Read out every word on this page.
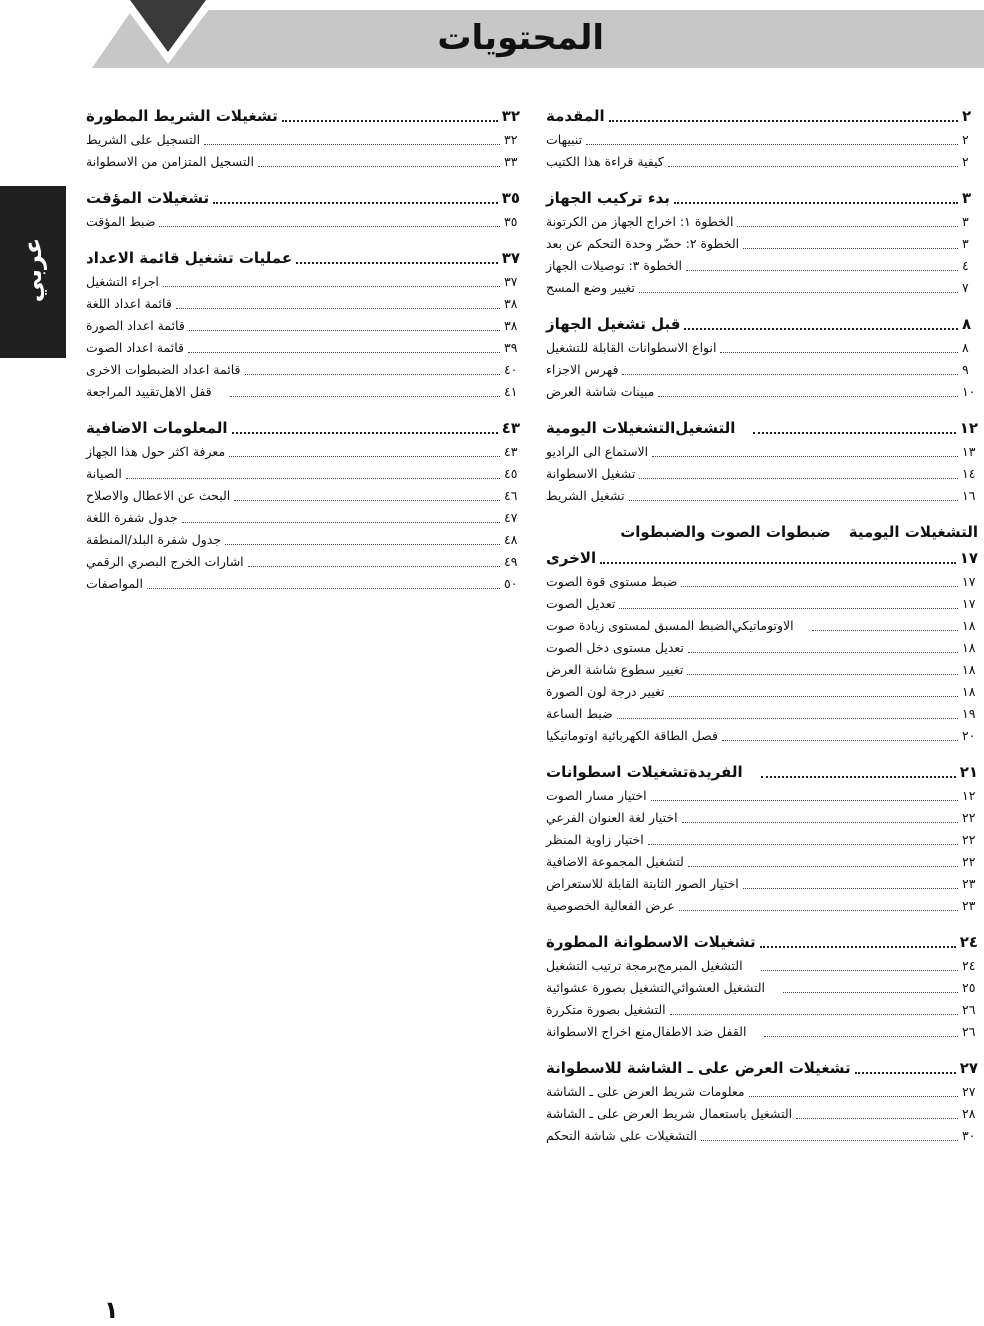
المحتويات
عربي
المقدمة	٢
تنبيهات	٢
كيفية قراءة هذا الكتيب	٢
بدء تركيب الجهاز	٣
الخطوة ١: اخراج الجهاز من الكرتونة	٣
الخطوة ٢: حضّر وحدة التحكم عن بعد	٣
الخطوة ٣: توصيلات الجهاز	٤
تغيير وضع المسح	٧
قبل تشغيل الجهاز	٨
انواع الاسطوانات القابلة للتشغيل	٨
فهرس الاجزاء	٩
مبينات شاشة العرض	١٠
التشغيلات اليومية التشغيل	١٢
الاستماع الى الراديو	١٣
تشغيل الاسطوانة	١٤
تشغيل الشريط	١٦
التشغيلات اليوميةضبطوات الصوت والضبطوات
الاخرى	١٧
ضبط مستوى قوة الصوت	١٧
تعديل الصوت	١٧
الضبط المسبق لمستوى زيادة صوت الاوتوماتيكي	١٨
تعديل مستوى دخل الصوت	١٨
تغيير سطوع شاشة العرض	١٨
تغيير درجة لون الصورة	١٨
ضبط الساعة	١٩
فصل الطاقة الكهربائية اوتوماتيكيا	٢٠
تشغيلات اسطوانات الفريدة	٢١
اختيار مسار الصوت	١٢
اختيار لغة العنوان الفرعي	٢٢
اختيار زاوية المنظر	٢٢
لتشغيل المجموعة الاضافية	٢٢
اختيار الصور الثابتة القابلة للاستعراض	٢٣
عرض الفعالية الخصوصية	٢٣
تشغيلات الاسطوانة المطورة	٢٤
برمجة ترتيب التشغيل التشغيل المبرمج	٢٤
التشغيل بصورة عشوائية التشغيل العشوائي	٢٥
التشغيل بصورة متكررة	٢٦
منع اخراج الاسطوانة القفل ضد الاطفال	٢٦
تشغيلات العرض على ـ الشاشة للاسطوانة	٢٧
معلومات شريط العرض على ـ الشاشة	٢٧
التشغيل باستعمال شريط العرض على ـ الشاشة	٢٨
التشغيلات على شاشة التحكم	٣٠
تشغيلات الشريط المطورة	٣٢
التسجيل على الشريط	٣٢
التسجيل المتزامن من الاسطوانة	٣٣
تشغيلات المؤقت	٣٥
ضبط المؤقت	٣٥
عمليات تشغيل قائمة الاعداد	٣٧
اجراء التشغيل	٣٧
قائمة اعداد اللغة	٣٨
قائمة اعداد الصورة	٣٨
قائمة اعداد الصوت	٣٩
قائمة اعداد الضبطوات الاخرى	٤٠
تقييد المراجعة قفل الاهل	٤١
المعلومات الاضافية	٤٣
معرفة اكثر حول هذا الجهاز	٤٣
الصيانة	٤٥
البحث عن الاعطال والاصلاح	٤٦
جدول شفرة اللغة	٤٧
جدول شفرة البلد/المنطقة	٤٨
اشارات الخرج البصري الرقمي	٤٩
المواصفات	٥٠
١
